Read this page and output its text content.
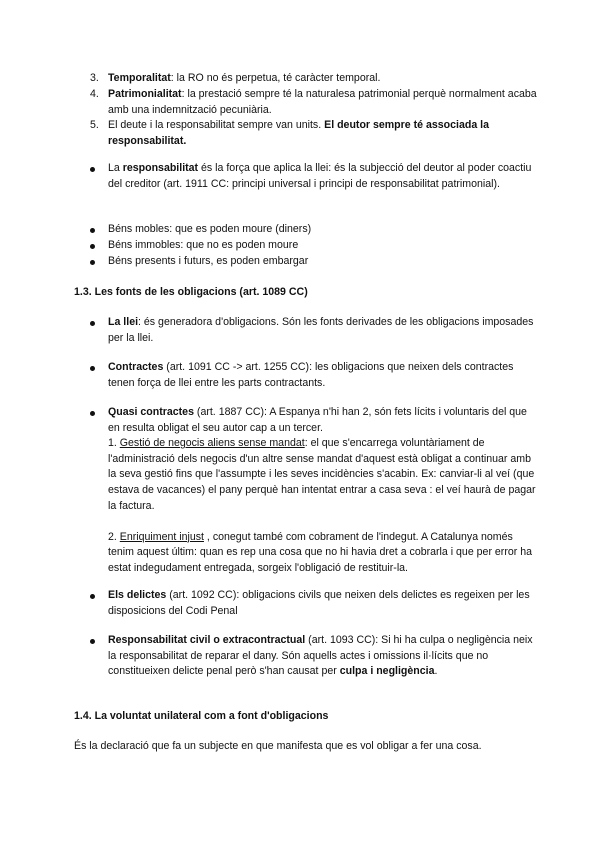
3. Temporalitat: la RO no és perpetua, té caràcter temporal.
4. Patrimonialitat: la prestació sempre té la naturalesa patrimonial perquè normalment acaba amb una indemnització pecuniària.
5. El deute i la responsabilitat sempre van units. El deutor sempre té associada la responsabilitat.
La responsabilitat és la força que aplica la llei: és la subjecció del deutor al poder coactiu del creditor (art. 1911 CC: principi universal i principi de responsabilitat patrimonial).
Béns mobles: que es poden moure (diners)
Béns immobles: que no es poden moure
Béns presents i futurs, es poden embargar
1.3. Les fonts de les obligacions (art. 1089 CC)
La llei: és generadora d'obligacions. Són les fonts derivades de les obligacions imposades per la llei.
Contractes (art. 1091 CC -> art. 1255 CC): les obligacions que neixen dels contractes tenen força de llei entre les parts contractants.
Quasi contractes (art. 1887 CC): A Espanya n'hi han 2, són fets lícits i voluntaris del que en resulta obligat el seu autor cap a un tercer.
1. Gestió de negocis aliens sense mandat: el que s'encarrega voluntàriament de l'administració dels negocis d'un altre sense mandat d'aquest està obligat a continuar amb la seva gestió fins que l'assumpte i les seves incidències s'acabin. Ex: canviar-li al veí (que estava de vacances) el pany perquè han intentat entrar a casa seva : el veí haurà de pagar la factura.
2. Enriquiment injust , conegut també com cobrament de l'indegut. A Catalunya només tenim aquest últim: quan es rep una cosa que no hi havia dret a cobrarla i que per error ha estat indegudament entregada, sorgeix l'obligació de restituir-la.
Els delictes (art. 1092 CC): obligacions civils que neixen dels delictes es regeixen per les disposicions del Codi Penal
Responsabilitat civil o extracontractual (art. 1093 CC): Si hi ha culpa o negligència neix la responsabilitat de reparar el dany. Són aquells actes i omissions il·lícits que no constitueixen delicte penal però s'han causat per culpa i negligència.
1.4. La voluntat unilateral com a font d'obligacions
És la declaració que fa un subjecte en que manifesta que es vol obligar a fer una cosa.
